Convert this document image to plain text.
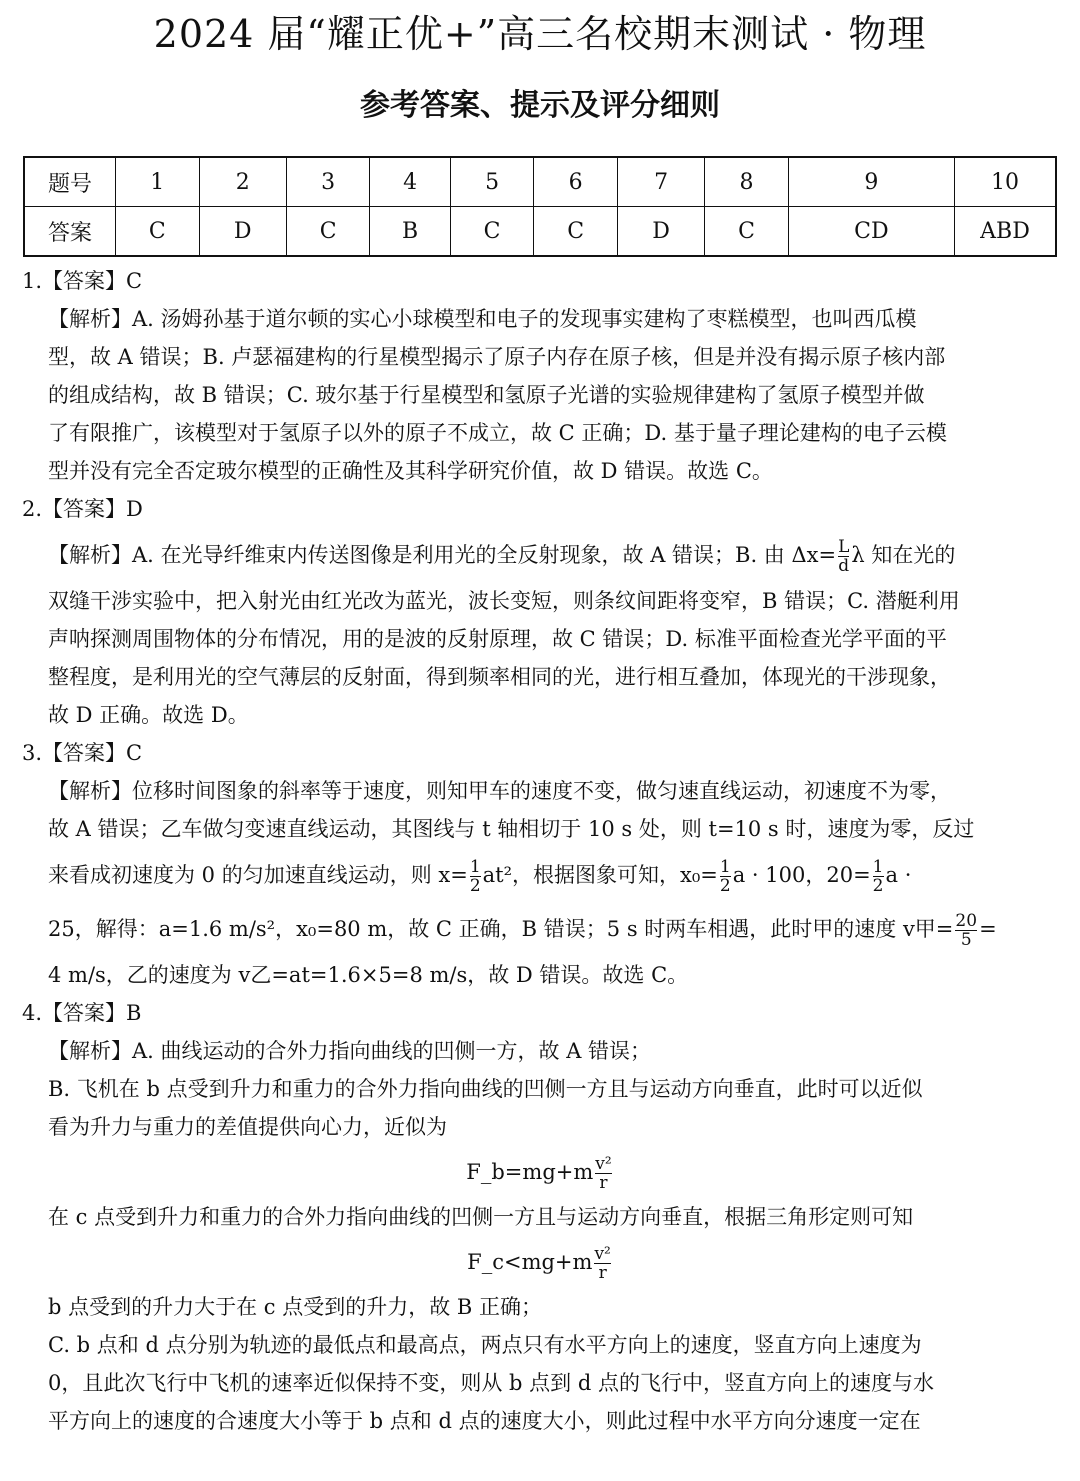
2024 届“耀正优+”高三名校期末测试 · 物理
参考答案、提示及评分细则
题号	1	2	3	4	5	6	7	8	9	10
答案	C	D	C	B	C	C	D	C	CD	ABD
1.【答案】C
【解析】A. 汤姆孙基于道尔顿的实心小球模型和电子的发现事实建构了枣糕模型，也叫西瓜模
型，故 A 错误；B. 卢瑟福建构的行星模型揭示了原子内存在原子核，但是并没有揭示原子核内部
的组成结构，故 B 错误；C. 玻尔基于行星模型和氢原子光谱的实验规律建构了氢原子模型并做
了有限推广，该模型对于氢原子以外的原子不成立，故 C 正确；D. 基于量子理论建构的电子云模
型并没有完全否定玻尔模型的正确性及其科学研究价值，故 D 错误。故选 C。
2.【答案】D
【解析】A. 在光导纤维束内传送图像是利用光的全反射现象，故 A 错误；B. 由 $\Delta x= \frac{L}{d}$ λ 知在光的
双缝干涉实验中，把入射光由红光改为蓝光，波长变短，则条纹间距将变窄，B 错误；C. 潜艇利用
声呐探测周围物体的分布情况，用的是波的反射原理，故 C 错误；D. 标准平面检查光学平面的平
整程度，是利用光的空气薄层的反射面，得到频率相同的光，进行相互叠加，体现光的干涉现象，
故 D 正确。故选 D。
3.【答案】C
【解析】位移时间图象的斜率等于速度，则知甲车的速度不变，做匀速直线运动，初速度不为零，
故 A 错误；乙车做匀变速直线运动，其图线与 t 轴相切于 10 s 处，则 t=10 s 时，速度为零，反过
来看成初速度为 0 的匀加速直线运动，则 $x= \frac{1}{2} at^2$，根据图象可知，$x_0= \frac{1}{2}$ a · 100，$20= \frac{1}{2}$ a ·
25，解得：a=1.6 m/s²，x₀=80 m，故 C 正确，B 错误；5 s 时两车相遇，此时甲的速度 v甲= $\frac{20}{5}$ =
4 m/s，乙的速度为 v乙=at=1.6×5=8 m/s，故 D 错误。故选 C。
4.【答案】B
【解析】A. 曲线运动的合外力指向曲线的凹侧一方，故 A 错误；
B. 飞机在 b 点受到升力和重力的合外力指向曲线的凹侧一方且与运动方向垂直，此时可以近似
看为升力与重力的差值提供向心力，近似为
F_b=mg+m $\frac{\text{v²}}{r}$
在 c 点受到升力和重力的合外力指向曲线的凹侧一方且与运动方向垂直，根据三角形定则可知
F_c<mg+m $\frac{\text{v²}}{r}$
b 点受到的升力大于在 c 点受到的升力，故 B 正确；
C. b 点和 d 点分别为轨迹的最低点和最高点，两点只有水平方向上的速度，竖直方向上速度为
0，且此次飞行中飞机的速率近似保持不变，则从 b 点到 d 点的飞行中，竖直方向上的速度与水
平方向上的速度的合速度大小等于 b 点和 d 点的速度大小，则此过程中水平方向分速度一定在
